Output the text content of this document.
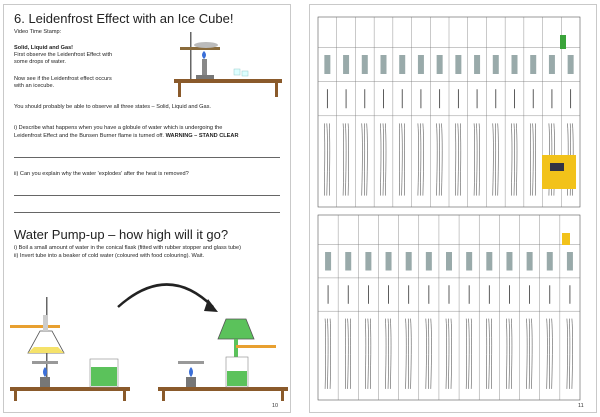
6. Leidenfrost Effect with an Ice Cube!
Video Time Stamp:
Solid, Liquid and Gas!
First observe the Leidenfrost Effect with
some drops of water.
Now see if the Leidenfrost effect occurs
with an icecube.
You should probably be able to observe all three states – Solid, Liquid and Gas.
i) Describe what happens when you have a globule of water which is undergoing the
Leidenfrost Effect and the Bunsen Burner flame is turned off. WARNING – STAND CLEAR
ii) Can you explain why the water 'explodes' after the heat is removed?
Water Pump-up – how high will it go?
i) Boil a small amount of water in the conical flask (fitted with rubber stopper and glass tube)
ii) Invert tube into a beaker of cold water (coloured with food colouring). Wait.
10	11
